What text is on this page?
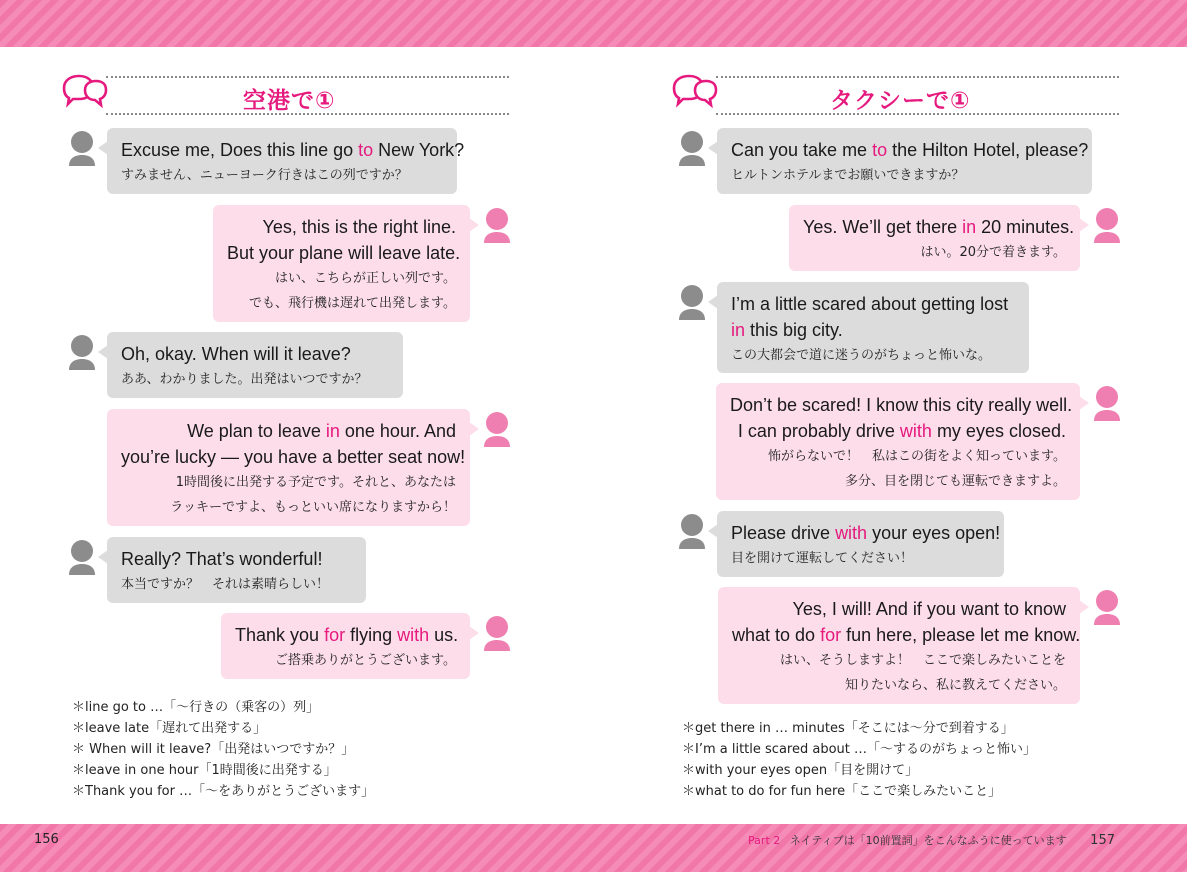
空港で①
Excuse me, Does this line go to New York?
すみません、ニューヨーク行きはこの列ですか？
Yes, this is the right line.
But your plane will leave late.
はい、こちらが正しい列です。
でも、飛行機は遅れて出発します。
Oh, okay. When will it leave?
ああ、わかりました。出発はいつですか？
We plan to leave in one hour. And
you’re lucky ― you have a better seat now!
1時間後に出発する予定です。それと、あなたは
ラッキーですよ、もっといい席になりますから！
Really? That’s wonderful!
本当ですか？　それは素晴らしい！
Thank you for flying with us.
ご搭乗ありがとうございます。
＊line go to …「～行きの（乗客の）列」
＊leave late「遅れて出発する」
＊ When will it leave?「出発はいつですか？」
＊leave in one hour「1時間後に出発する」
＊Thank you for …「～をありがとうございます」
タクシーで①
Can you take me to the Hilton Hotel, please?
ヒルトンホテルまでお願いできますか？
Yes. We’ll get there in 20 minutes.
はい。20分で着きます。
I’m a little scared about getting lost
in this big city.
この大都会で道に迷うのがちょっと怖いな。
Don’t be scared! I know this city really well.
I can probably drive with my eyes closed.
怖がらないで！　私はこの街をよく知っています。
多分、目を閉じても運転できますよ。
Please drive with your eyes open!
目を開けて運転してください！
Yes, I will! And if you want to know
what to do for fun here, please let me know.
はい、そうしますよ！　ここで楽しみたいことを
知りたいなら、私に教えてください。
＊get there in … minutes「そこには～分で到着する」
＊I’m a little scared about …「～するのがちょっと怖い」
＊with your eyes open「目を開けて」
＊what to do for fun here「ここで楽しみたいこと」
156	Part 2 ネイティブは「10前置詞」をこんなふうに使っています 157
